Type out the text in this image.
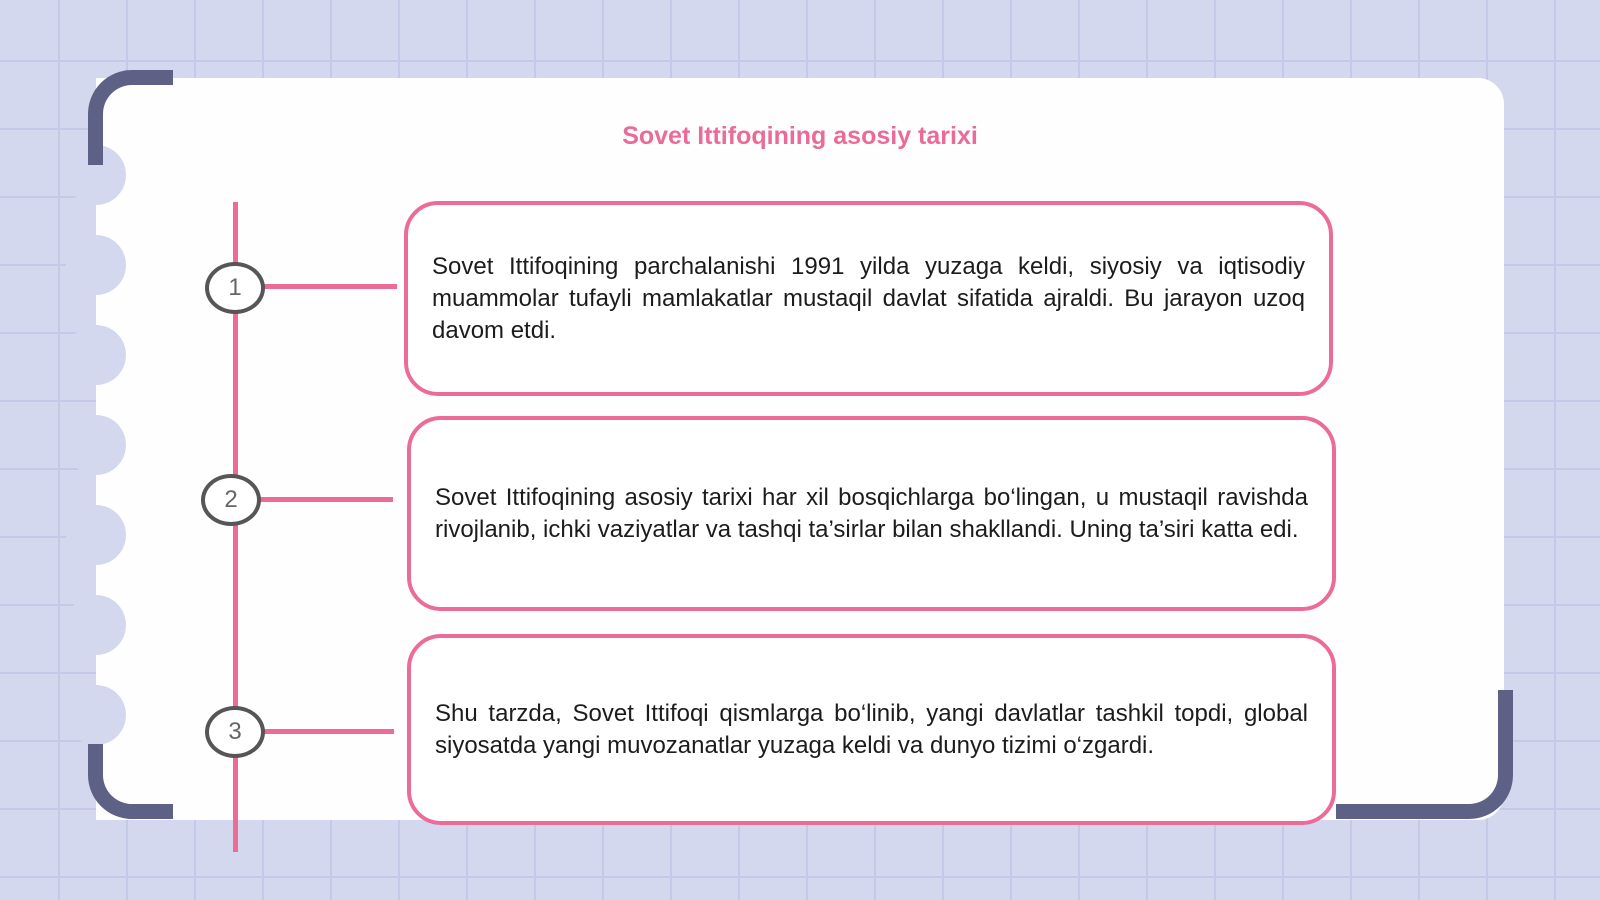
Sovet Ittifoqining asosiy tarixi
1
2
3

Sovet Ittifoqining parchalanishi 1991 yilda yuzaga keldi, siyosiy va iqtisodiy muammolar tufayli mamlakatlar mustaqil davlat sifatida ajraldi. Bu jarayon uzoq davom etdi.

Sovet Ittifoqining asosiy tarixi har xil bosqichlarga bo‘lingan, u mustaqil ravishda rivojlanib, ichki vaziyatlar va tashqi ta’sirlar bilan shakllandi. Uning ta’siri katta edi.

Shu tarzda, Sovet Ittifoqi qismlarga bo‘linib, yangi davlatlar tashkil topdi, global siyosatda yangi muvozanatlar yuzaga keldi va dunyo tizimi o‘zgardi.
